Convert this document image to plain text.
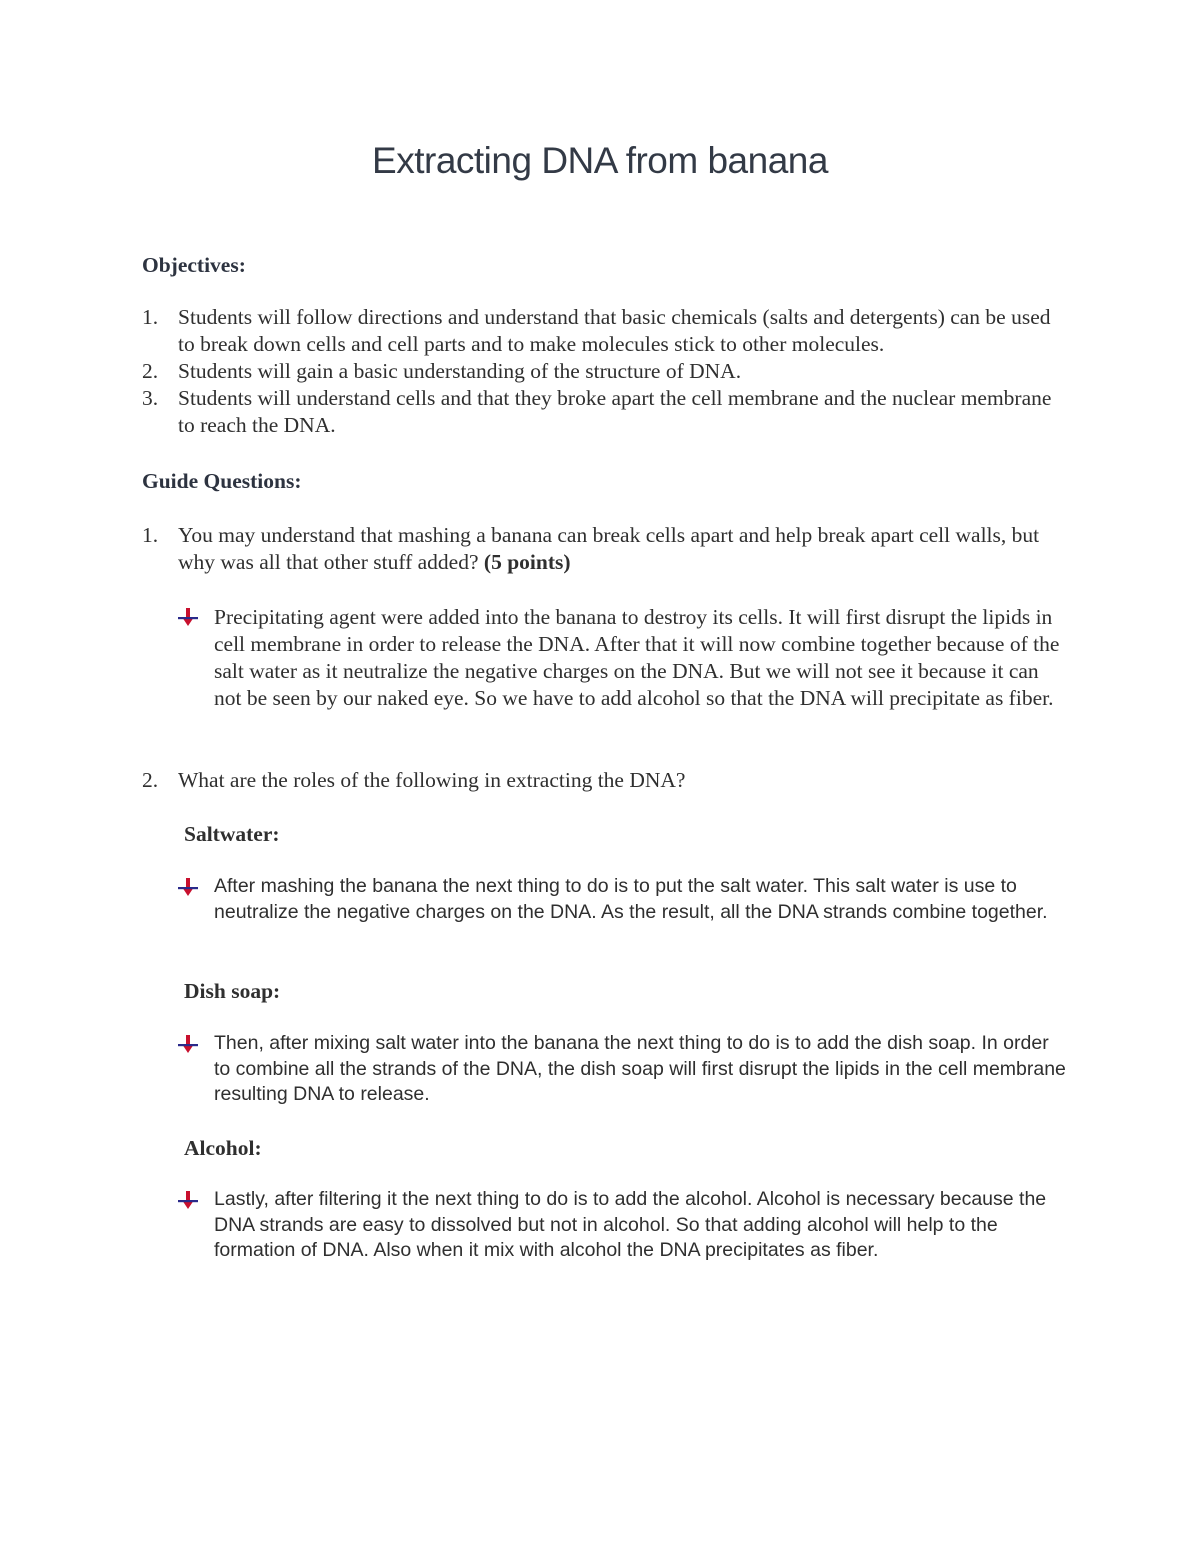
Extracting DNA from banana
Objectives:
1. Students will follow directions and understand that basic chemicals (salts and detergents) can be used to break down cells and cell parts and to make molecules stick to other molecules.
2. Students will gain a basic understanding of the structure of DNA.
3. Students will understand cells and that they broke apart the cell membrane and the nuclear membrane to reach the DNA.
Guide Questions:
1. You may understand that mashing a banana can break cells apart and help break apart cell walls, but why was all that other stuff added? (5 points)
Precipitating agent were added into the banana to destroy its cells. It will first disrupt the lipids in cell membrane in order to release the DNA. After that it will now combine together because of the salt water as it neutralize the negative charges on the DNA. But we will not see it because it can not be seen by our naked eye. So we have to add alcohol so that the DNA will precipitate as fiber.
2. What are the roles of the following in extracting the DNA?
Saltwater:
After mashing the banana the next thing to do is to put the salt water. This salt water is use to neutralize the negative charges on the DNA. As the result, all the DNA strands combine together.
Dish soap:
Then, after mixing salt water into the banana the next thing to do is to add the dish soap. In order to combine all the strands of the DNA, the dish soap will first disrupt the lipids in the cell membrane resulting DNA to release.
Alcohol:
Lastly, after filtering it the next thing to do is to add the alcohol. Alcohol is necessary because the DNA strands are easy to dissolved but not in alcohol. So that adding alcohol will help to the formation of DNA. Also when it mix with alcohol the DNA precipitates as fiber.
